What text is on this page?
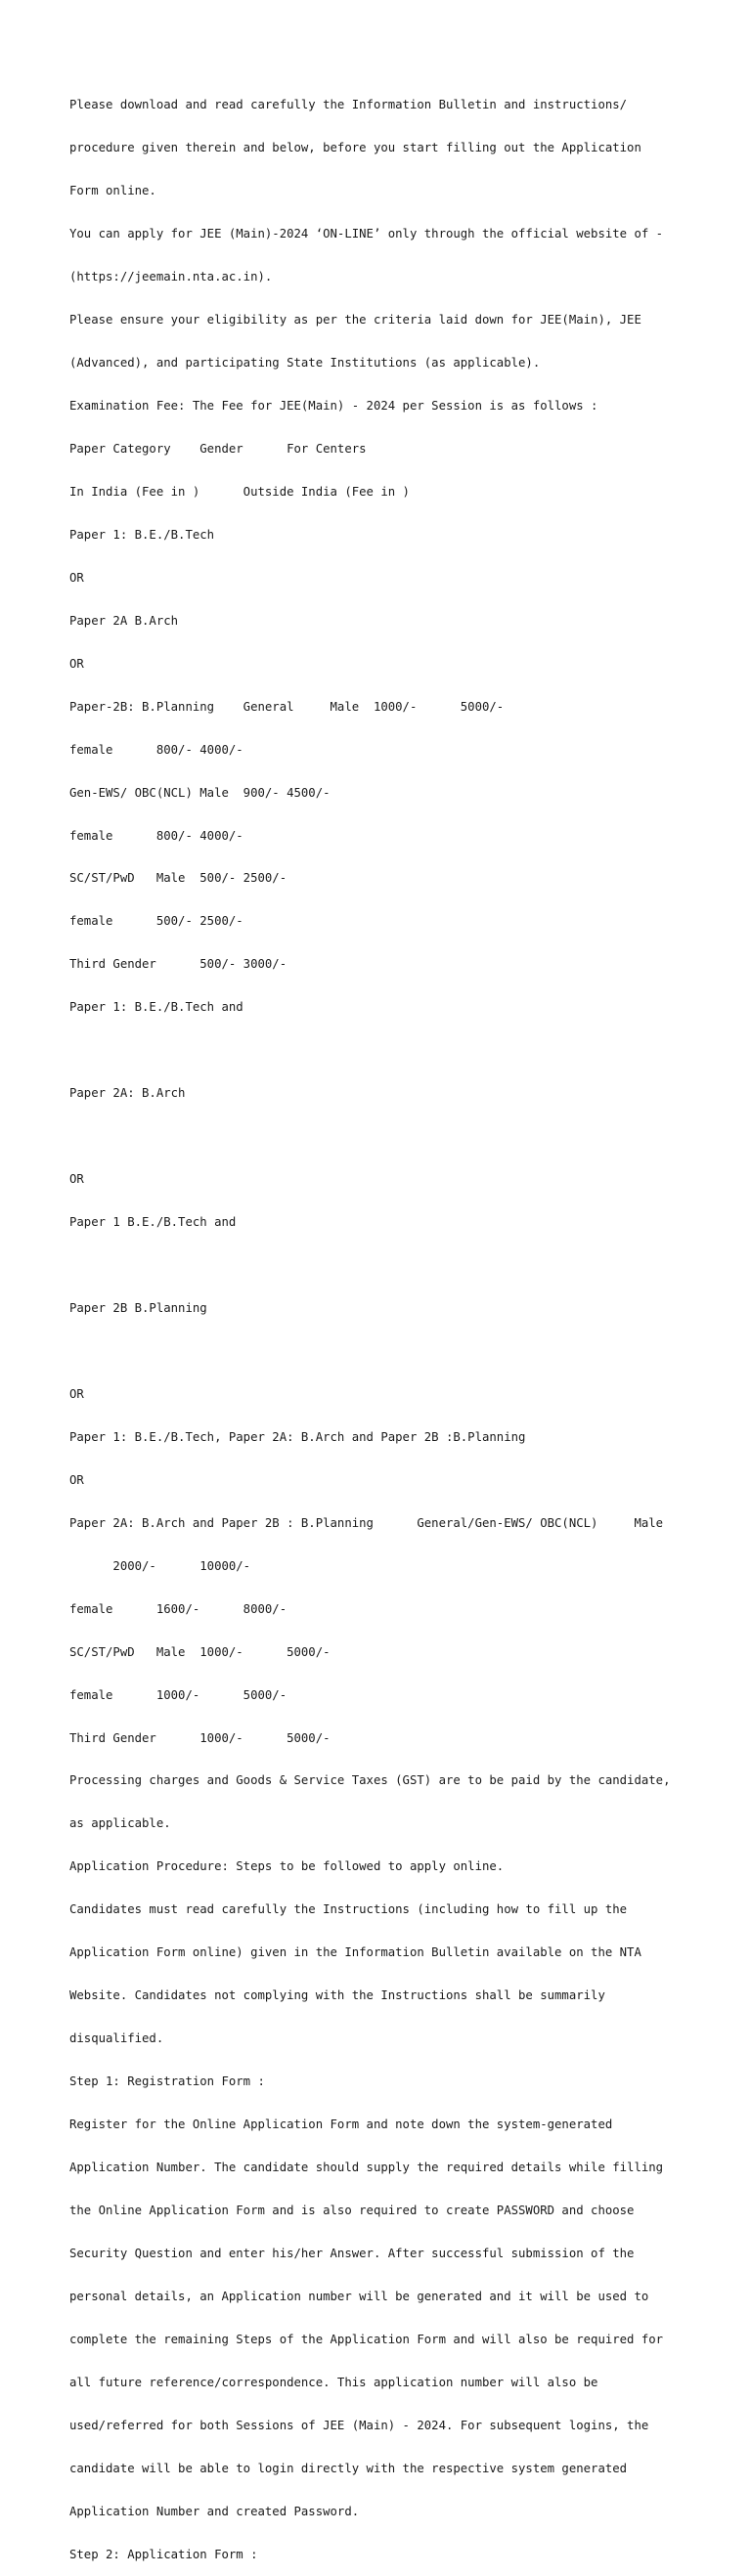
Please download and read carefully the Information Bulletin and instructions/

procedure given therein and below, before you start filling out the Application

Form online.

You can apply for JEE (Main)-2024 ‘ON-LINE’ only through the official website of -

(https://jeemain.nta.ac.in).

Please ensure your eligibility as per the criteria laid down for JEE(Main), JEE

(Advanced), and participating State Institutions (as applicable).

Examination Fee: The Fee for JEE(Main) - 2024 per Session is as follows :

Paper Category    Gender      For Centers

In India (Fee in )      Outside India (Fee in )

Paper 1: B.E./B.Tech

OR

Paper 2A B.Arch

OR

Paper-2B: B.Planning    General     Male  1000/-      5000/-

female      800/- 4000/-

Gen-EWS/ OBC(NCL) Male  900/- 4500/-

female      800/- 4000/-

SC/ST/PwD   Male  500/- 2500/-

female      500/- 2500/-

Third Gender      500/- 3000/-

Paper 1: B.E./B.Tech and

Paper 2A: B.Arch

OR

Paper 1 B.E./B.Tech and

Paper 2B B.Planning

OR

Paper 1: B.E./B.Tech, Paper 2A: B.Arch and Paper 2B :B.Planning

OR

Paper 2A: B.Arch and Paper 2B : B.Planning      General/Gen-EWS/ OBC(NCL)     Male

2000/-      10000/-

female      1600/-      8000/-

SC/ST/PwD   Male  1000/-      5000/-

female      1000/-      5000/-

Third Gender      1000/-      5000/-

Processing charges and Goods & Service Taxes (GST) are to be paid by the candidate,

as applicable.

Application Procedure: Steps to be followed to apply online.

Candidates must read carefully the Instructions (including how to fill up the

Application Form online) given in the Information Bulletin available on the NTA

Website. Candidates not complying with the Instructions shall be summarily

disqualified.

Step 1: Registration Form :

Register for the Online Application Form and note down the system-generated

Application Number. The candidate should supply the required details while filling

the Online Application Form and is also required to create PASSWORD and choose

Security Question and enter his/her Answer. After successful submission of the

personal details, an Application number will be generated and it will be used to

complete the remaining Steps of the Application Form and will also be required for

all future reference/correspondence. This application number will also be

used/referred for both Sessions of JEE (Main) - 2024. For subsequent logins, the

candidate will be able to login directly with the respective system generated

Application Number and created Password.

Step 2: Application Form :
